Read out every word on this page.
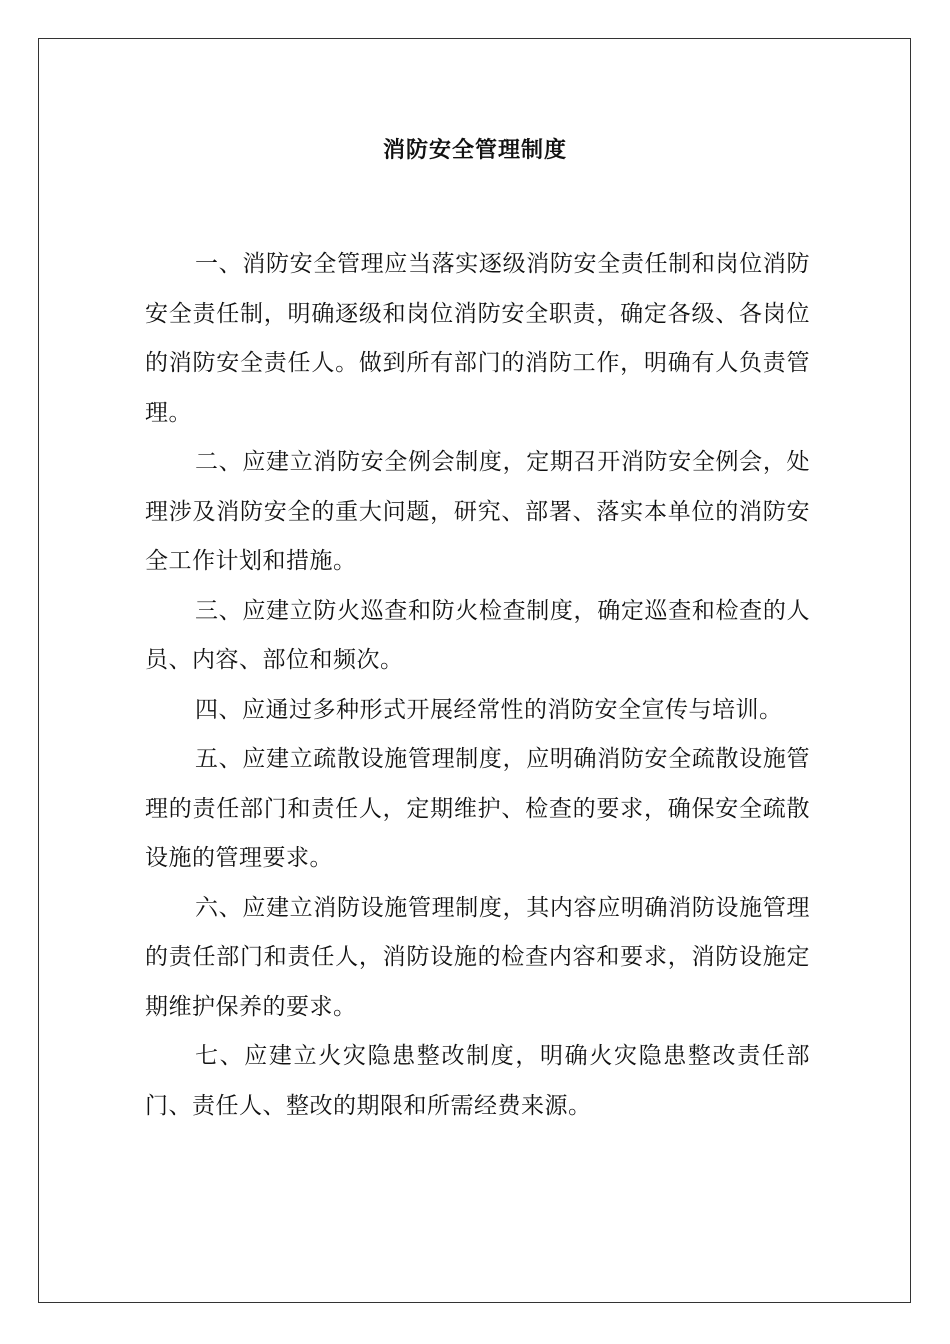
消防安全管理制度

一、消防安全管理应当落实逐级消防安全责任制和岗位消防安全责任制，明确逐级和岗位消防安全职责，确定各级、各岗位的消防安全责任人。做到所有部门的消防工作，明确有人负责管理。

二、应建立消防安全例会制度，定期召开消防安全例会，处理涉及消防安全的重大问题，研究、部署、落实本单位的消防安全工作计划和措施。

三、应建立防火巡查和防火检查制度，确定巡查和检查的人员、内容、部位和频次。

四、应通过多种形式开展经常性的消防安全宣传与培训。

五、应建立疏散设施管理制度，应明确消防安全疏散设施管理的责任部门和责任人，定期维护、检查的要求，确保安全疏散设施的管理要求。

六、应建立消防设施管理制度，其内容应明确消防设施管理的责任部门和责任人，消防设施的检查内容和要求，消防设施定期维护保养的要求。

七、应建立火灾隐患整改制度，明确火灾隐患整改责任部门、责任人、整改的期限和所需经费来源。
